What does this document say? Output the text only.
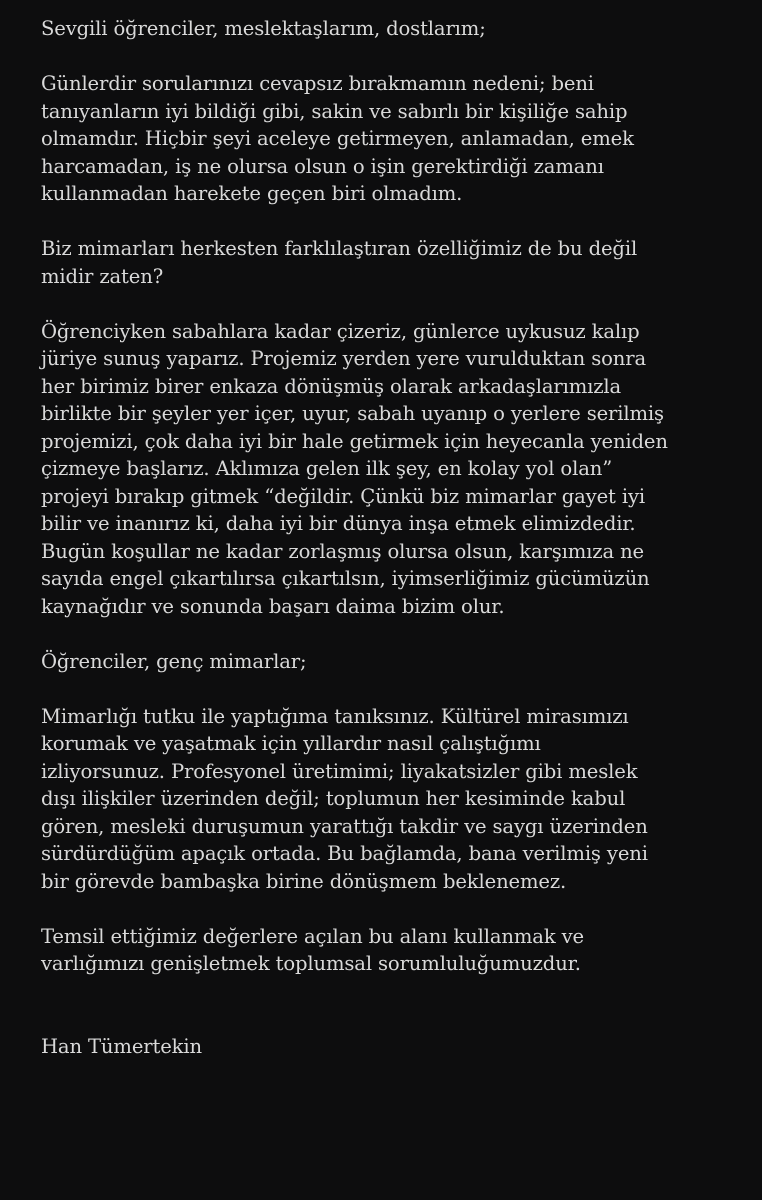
Sevgili öğrenciler, meslektaşlarım, dostlarım;
Günlerdir sorularınızı cevapsız bırakmamın nedeni; beni
tanıyanların iyi bildiği gibi, sakin ve sabırlı bir kişiliğe sahip
olmamdır. Hiçbir şeyi aceleye getirmeyen, anlamadan, emek
harcamadan, iş ne olursa olsun o işin gerektirdiği zamanı
kullanmadan harekete geçen biri olmadım.
Biz mimarları herkesten farklılaştıran özelliğimiz de bu değil
midir zaten?
Öğrenciyken sabahlara kadar çizeriz, günlerce uykusuz kalıp
jüriye sunuş yaparız. Projemiz yerden yere vurulduktan sonra
her birimiz birer enkaza dönüşmüş olarak arkadaşlarımızla
birlikte bir şeyler yer içer, uyur, sabah uyanıp o yerlere serilmiş
projemizi, çok daha iyi bir hale getirmek için heyecanla yeniden
çizmeye başlarız. Aklımıza gelen ilk şey, en kolay yol olan”
projeyi bırakıp gitmek “değildir. Çünkü biz mimarlar gayet iyi
bilir ve inanırız ki, daha iyi bir dünya inşa etmek elimizdedir.
Bugün koşullar ne kadar zorlaşmış olursa olsun, karşımıza ne
sayıda engel çıkartılırsa çıkartılsın, iyimserliğimiz gücümüzün
kaynağıdır ve sonunda başarı daima bizim olur.
Öğrenciler, genç mimarlar;
Mimarlığı tutku ile yaptığıma tanıksınız. Kültürel mirasımızı
korumak ve yaşatmak için yıllardır nasıl çalıştığımı
izliyorsunuz. Profesyonel üretimimi; liyakatsizler gibi meslek
dışı ilişkiler üzerinden değil; toplumun her kesiminde kabul
gören, mesleki duruşumun yarattığı takdir ve saygı üzerinden
sürdürdüğüm apaçık ortada. Bu bağlamda, bana verilmiş yeni
bir görevde bambaşka birine dönüşmem beklenemez.
Temsil ettiğimiz değerlere açılan bu alanı kullanmak ve
varlığımızı genişletmek toplumsal sorumluluğumuzdur.
Han Tümertekin
